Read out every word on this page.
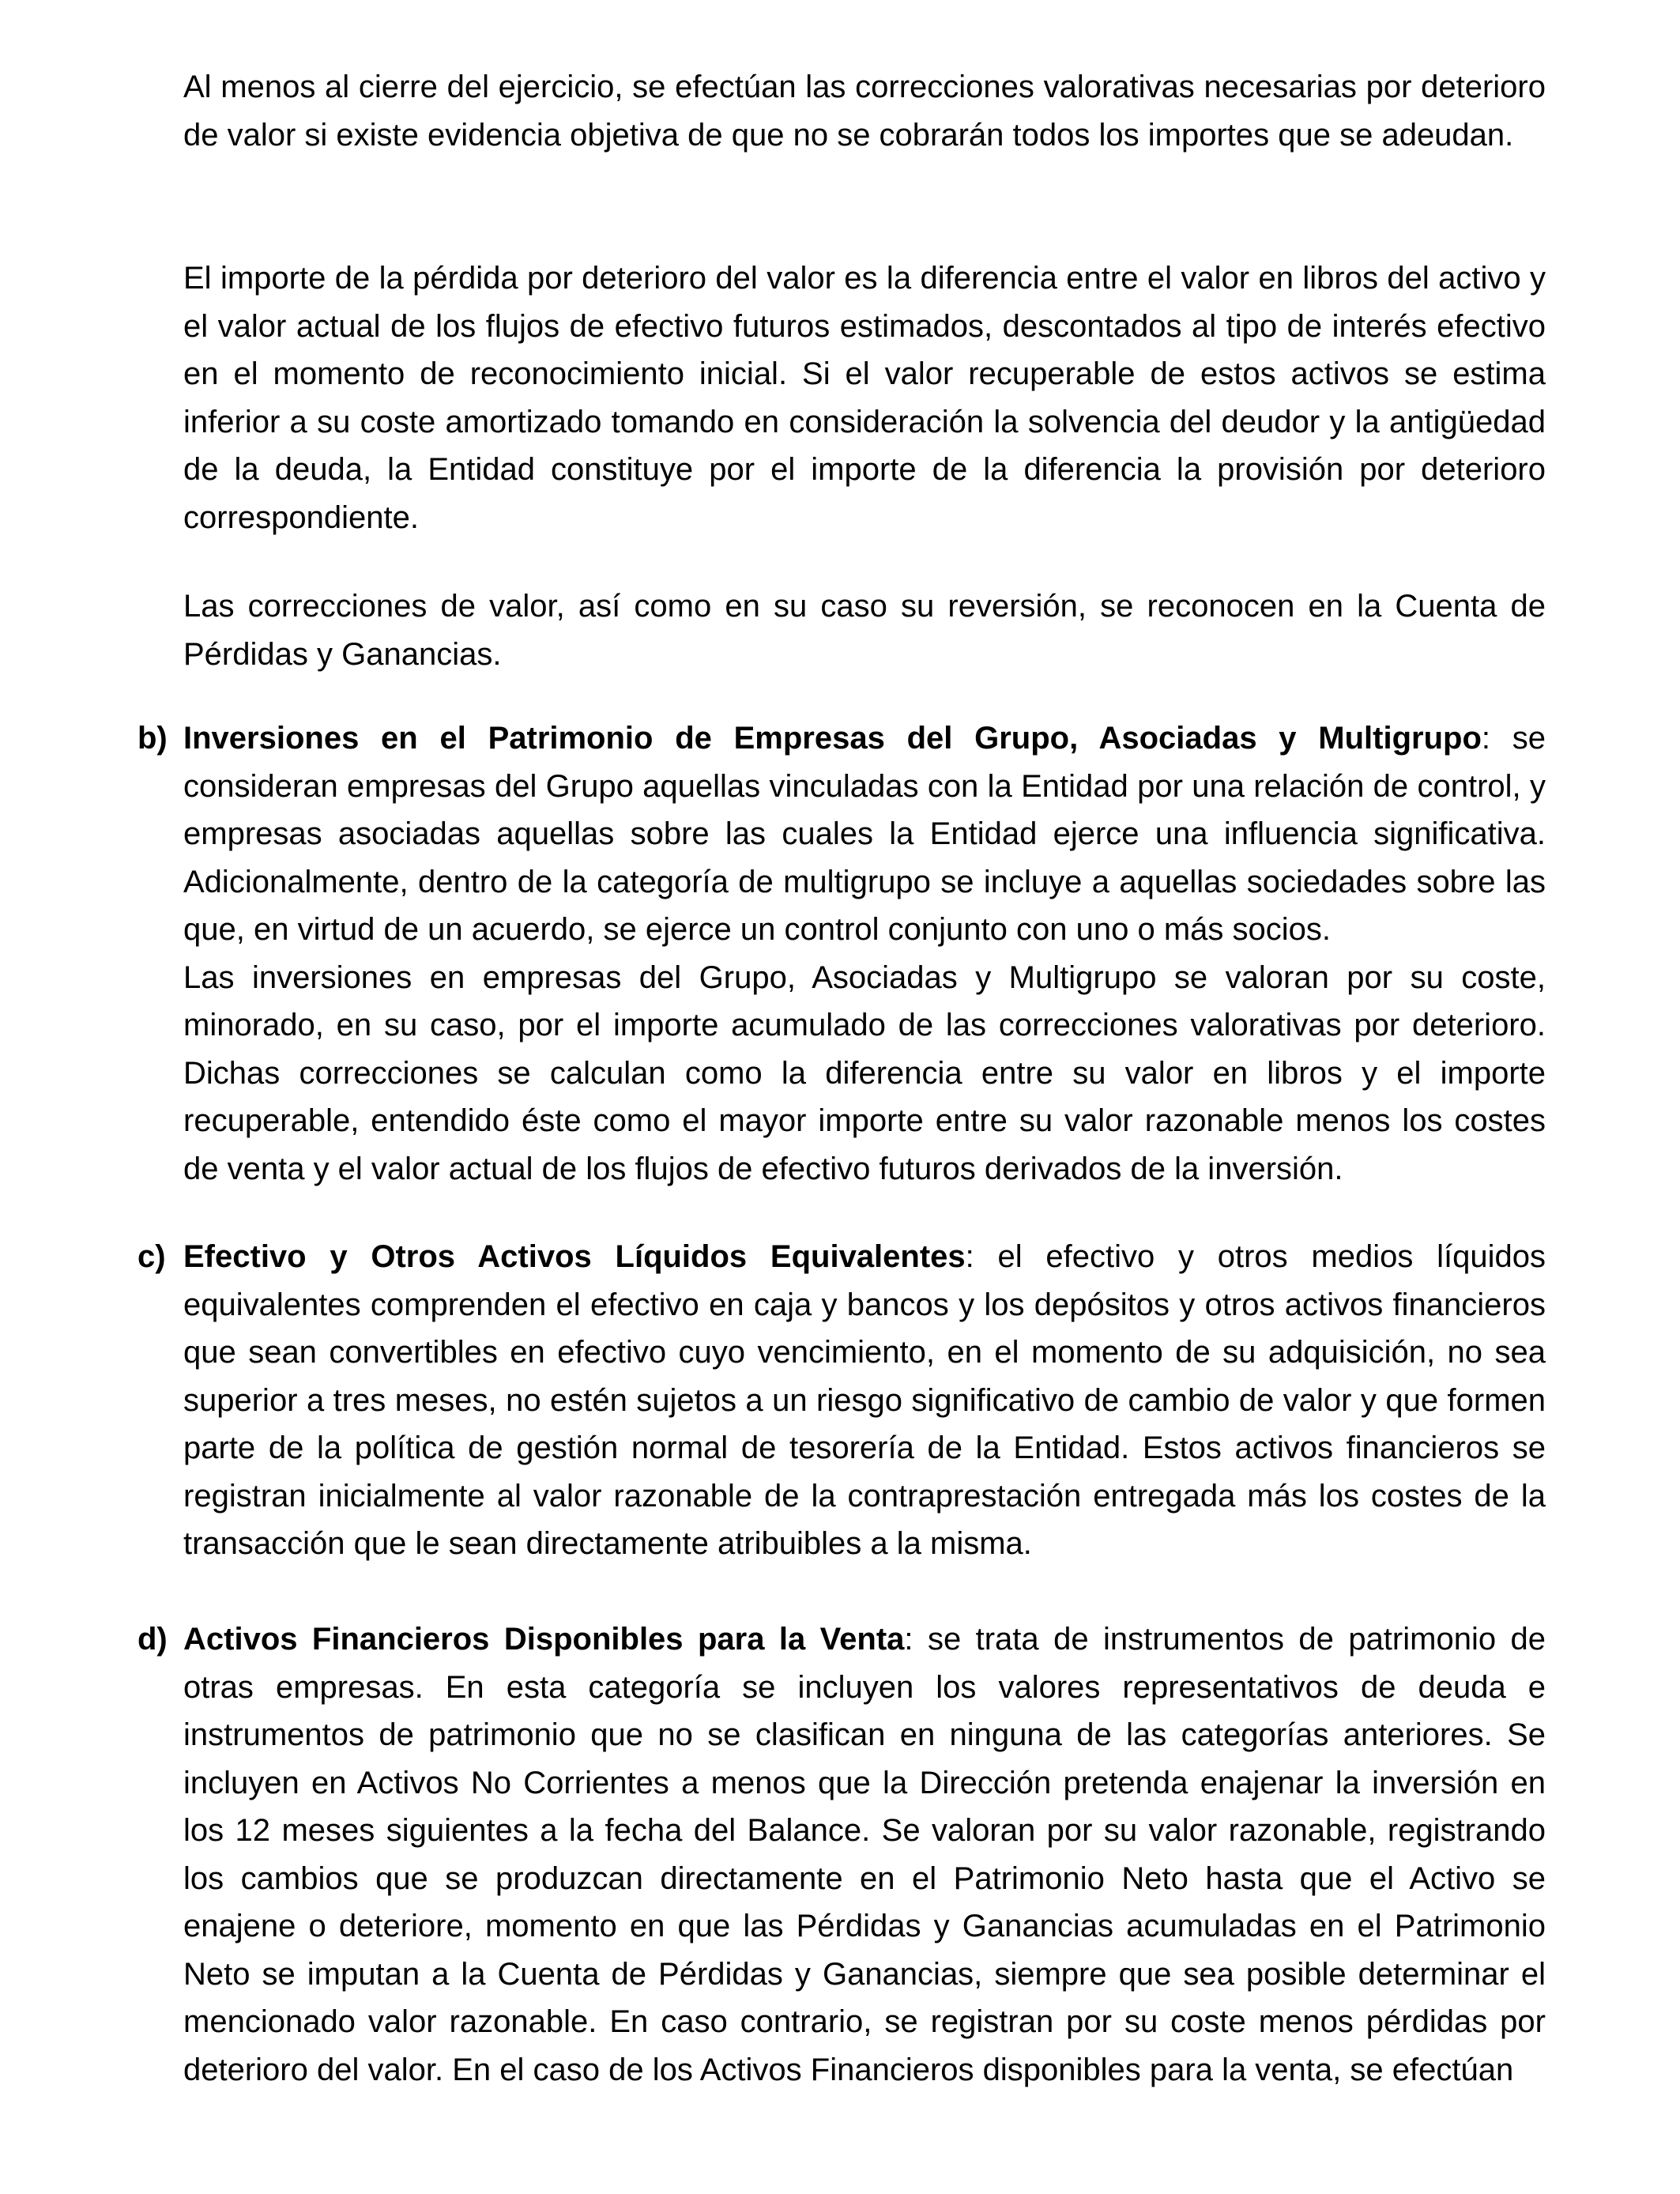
Al menos al cierre del ejercicio, se efectúan las correcciones valorativas necesarias por deterioro de valor si existe evidencia objetiva de que no se cobrarán todos los importes que se adeudan.

El importe de la pérdida por deterioro del valor es la diferencia entre el valor en libros del activo y el valor actual de los flujos de efectivo futuros estimados, descontados al tipo de interés efectivo en el momento de reconocimiento inicial. Si el valor recuperable de estos activos se estima inferior a su coste amortizado tomando en consideración la solvencia del deudor y la antigüedad de la deuda, la Entidad constituye por el importe de la diferencia la provisión por deterioro correspondiente.

Las correcciones de valor, así como en su caso su reversión, se reconocen en la Cuenta de Pérdidas y Ganancias.

b) Inversiones en el Patrimonio de Empresas del Grupo, Asociadas y Multigrupo: se consideran empresas del Grupo aquellas vinculadas con la Entidad por una relación de control, y empresas asociadas aquellas sobre las cuales la Entidad ejerce una influencia significativa. Adicionalmente, dentro de la categoría de multigrupo se incluye a aquellas sociedades sobre las que, en virtud de un acuerdo, se ejerce un control conjunto con uno o más socios.
Las inversiones en empresas del Grupo, Asociadas y Multigrupo se valoran por su coste, minorado, en su caso, por el importe acumulado de las correcciones valorativas por deterioro. Dichas correcciones se calculan como la diferencia entre su valor en libros y el importe recuperable, entendido éste como el mayor importe entre su valor razonable menos los costes de venta y el valor actual de los flujos de efectivo futuros derivados de la inversión.
c) Efectivo y Otros Activos Líquidos Equivalentes: el efectivo y otros medios líquidos equivalentes comprenden el efectivo en caja y bancos y los depósitos y otros activos financieros que sean convertibles en efectivo cuyo vencimiento, en el momento de su adquisición, no sea superior a tres meses, no estén sujetos a un riesgo significativo de cambio de valor y que formen parte de la política de gestión normal de tesorería de la Entidad. Estos activos financieros se registran inicialmente al valor razonable de la contraprestación entregada más los costes de la transacción que le sean directamente atribuibles a la misma.
d) Activos Financieros Disponibles para la Venta: se trata de instrumentos de patrimonio de otras empresas. En esta categoría se incluyen los valores representativos de deuda e instrumentos de patrimonio que no se clasifican en ninguna de las categorías anteriores. Se incluyen en Activos No Corrientes a menos que la Dirección pretenda enajenar la inversión en los 12 meses siguientes a la fecha del Balance. Se valoran por su valor razonable, registrando los cambios que se produzcan directamente en el Patrimonio Neto hasta que el Activo se enajene o deteriore, momento en que las Pérdidas y Ganancias acumuladas en el Patrimonio Neto se imputan a la Cuenta de Pérdidas y Ganancias, siempre que sea posible determinar el mencionado valor razonable. En caso contrario, se registran por su coste menos pérdidas por deterioro del valor. En el caso de los Activos Financieros disponibles para la venta, se efectúan
